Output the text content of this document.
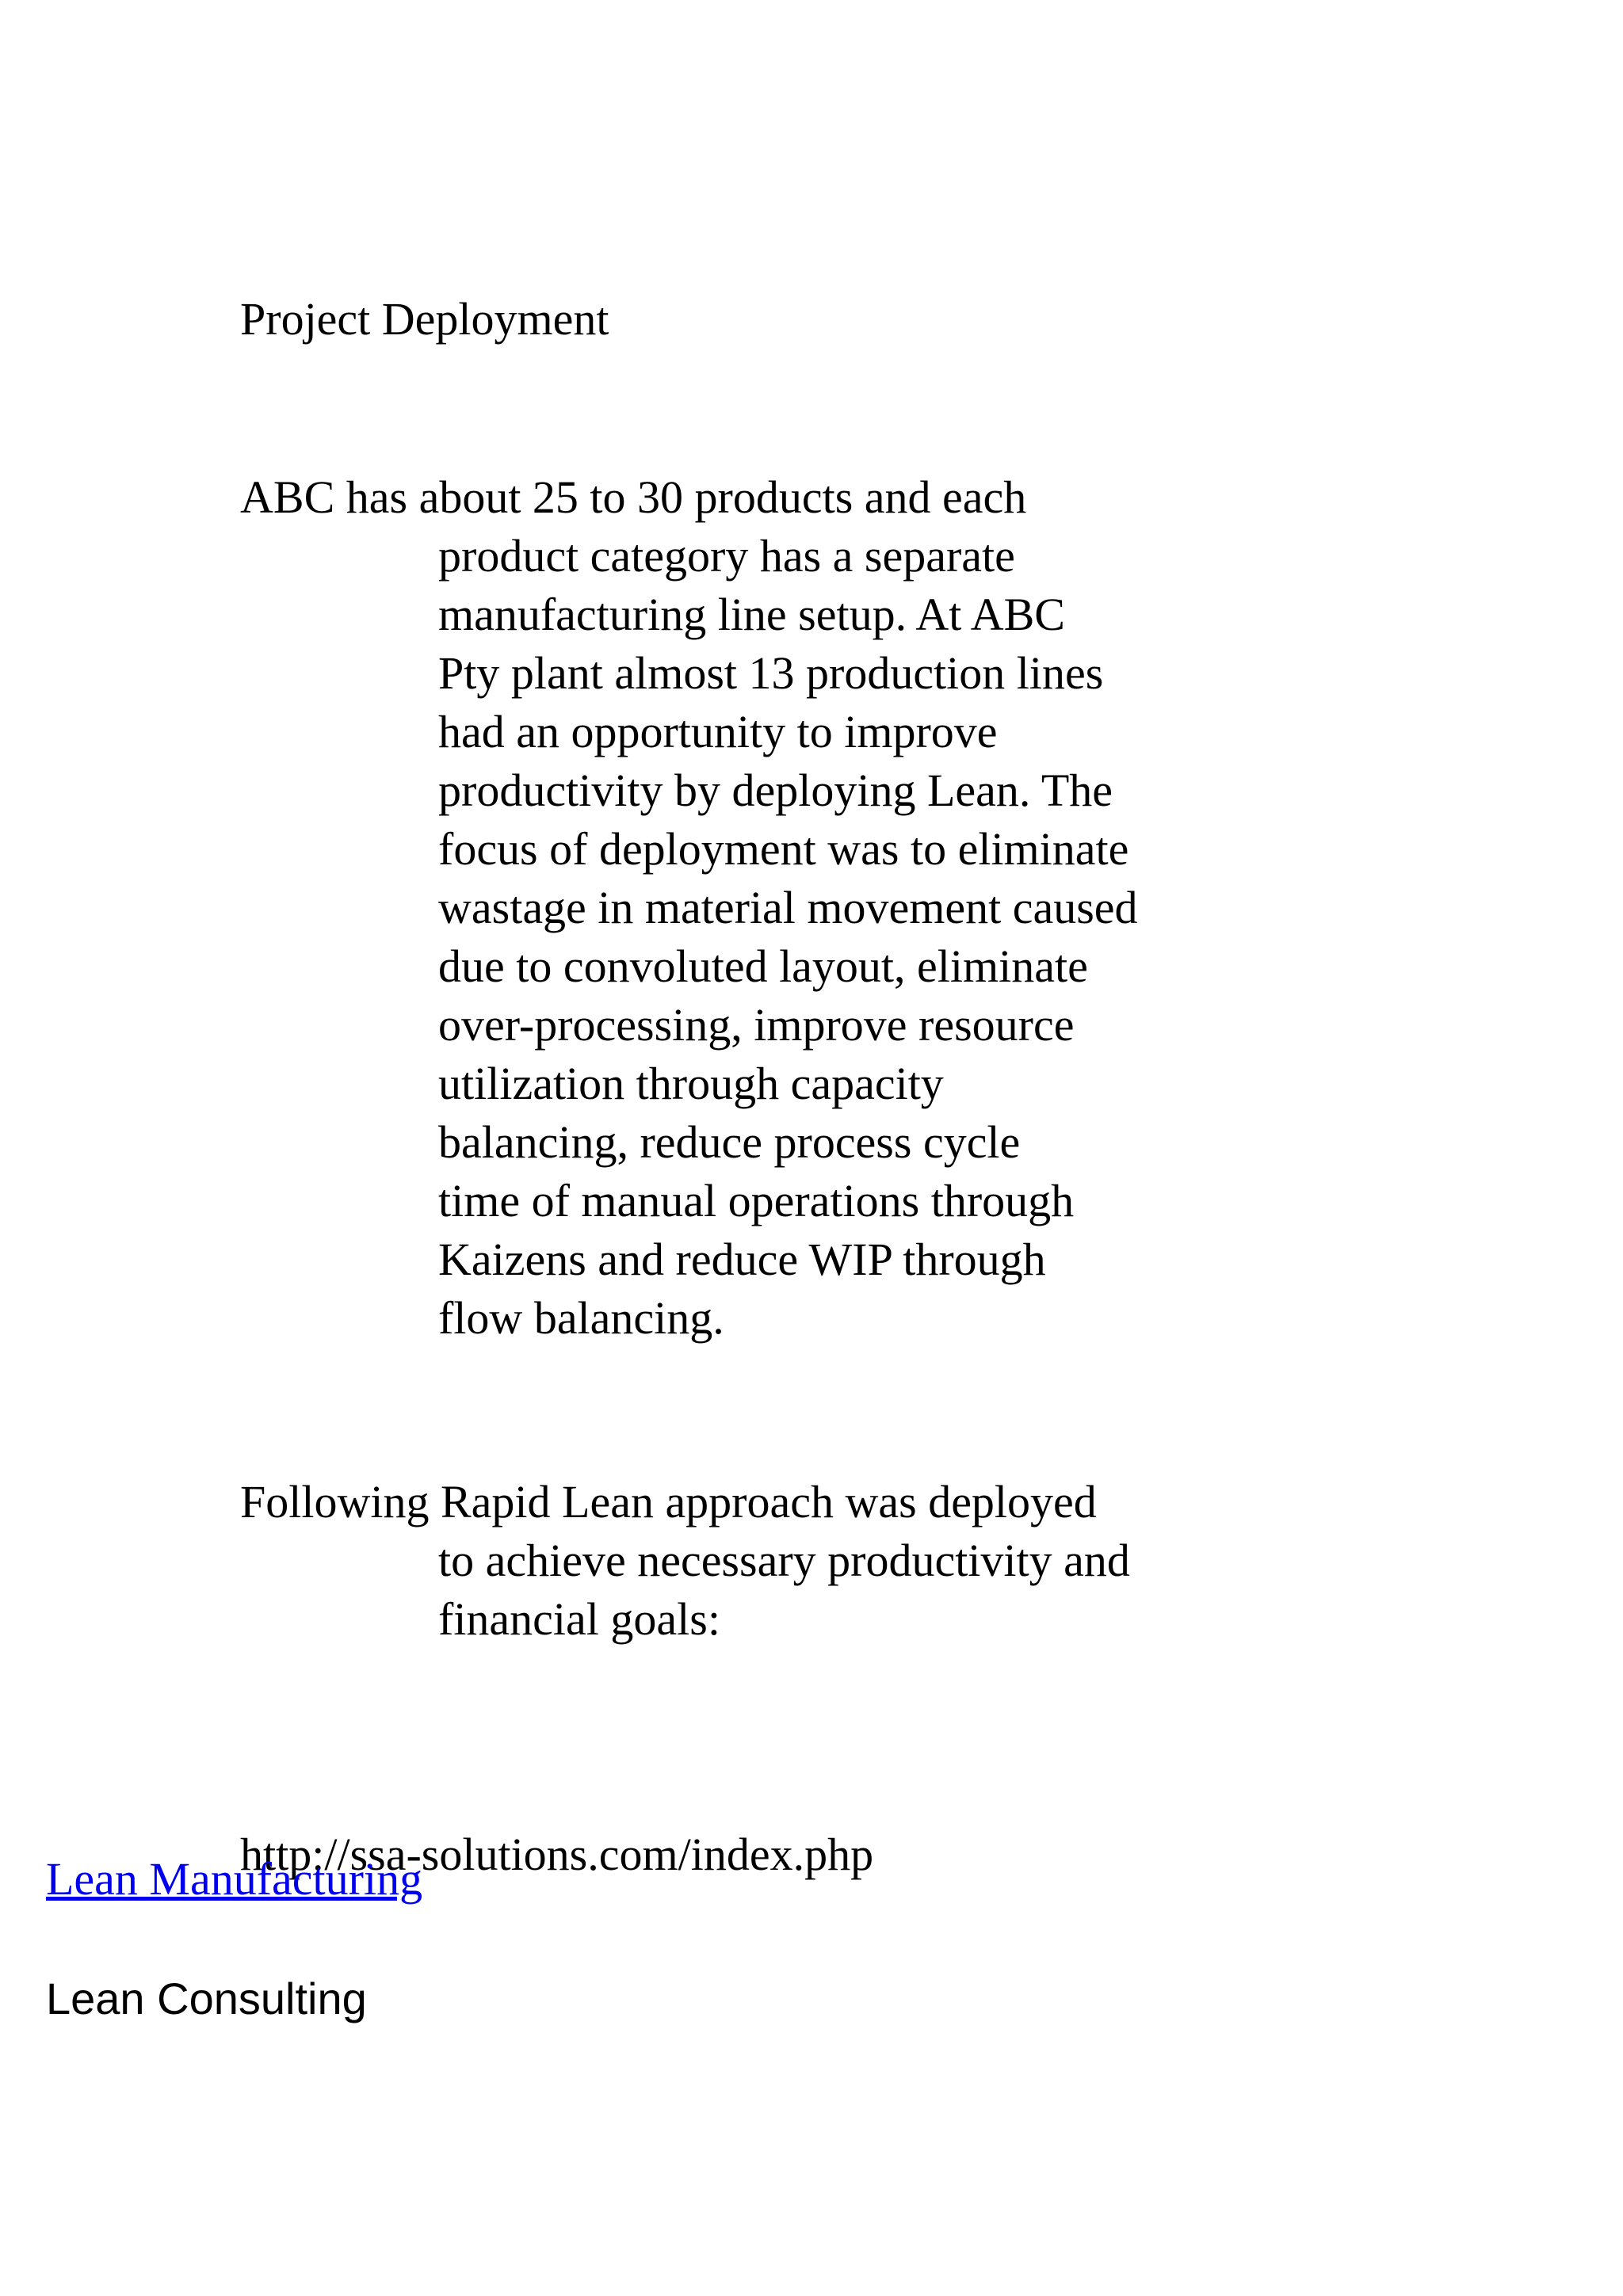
Project Deployment
ABC has about 25 to 30 products and each
product category has a separate
manufacturing line setup. At ABC
Pty plant almost 13 production lines
had an opportunity to improve
productivity by deploying Lean. The
focus of deployment was to eliminate
wastage in material movement caused
due to convoluted layout, eliminate
over-processing, improve resource
utilization through capacity
balancing, reduce process cycle
time of manual operations through
Kaizens and reduce WIP through
flow balancing.
Following Rapid Lean approach was deployed
to achieve necessary productivity and
financial goals:
http://ssa-solutions.com/index.php
Lean Manufacturing
Lean Consulting
